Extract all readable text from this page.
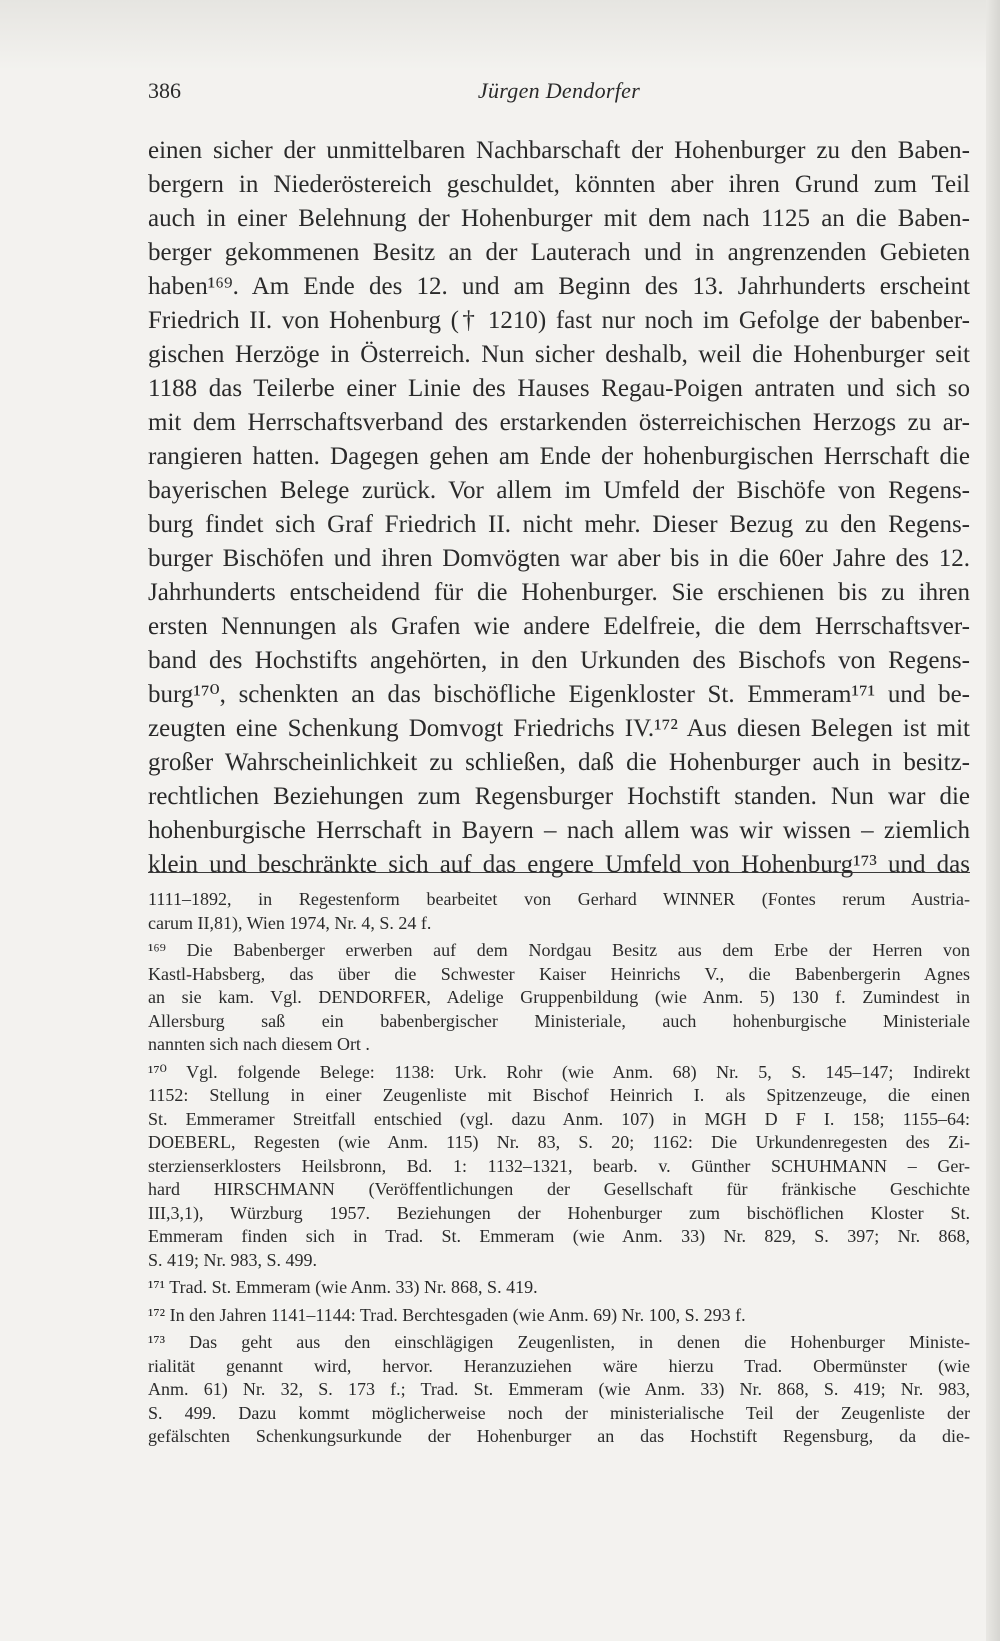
386	Jürgen Dendorfer
einen sicher der unmittelbaren Nachbarschaft der Hohenburger zu den Baben-
bergern in Niederöstereich geschuldet, könnten aber ihren Grund zum Teil
auch in einer Belehnung der Hohenburger mit dem nach 1125 an die Baben-
berger gekommenen Besitz an der Lauterach und in angrenzenden Gebieten
haben¹⁶⁹. Am Ende des 12. und am Beginn des 13. Jahrhunderts erscheint
Friedrich II. von Hohenburg († 1210) fast nur noch im Gefolge der babenber-
gischen Herzöge in Österreich. Nun sicher deshalb, weil die Hohenburger seit
1188 das Teilerbe einer Linie des Hauses Regau-Poigen antraten und sich so
mit dem Herrschaftsverband des erstarkenden österreichischen Herzogs zu ar-
rangieren hatten. Dagegen gehen am Ende der hohenburgischen Herrschaft die
bayerischen Belege zurück. Vor allem im Umfeld der Bischöfe von Regens-
burg findet sich Graf Friedrich II. nicht mehr. Dieser Bezug zu den Regens-
burger Bischöfen und ihren Domvögten war aber bis in die 60er Jahre des 12.
Jahrhunderts entscheidend für die Hohenburger. Sie erschienen bis zu ihren
ersten Nennungen als Grafen wie andere Edelfreie, die dem Herrschaftsver-
band des Hochstifts angehörten, in den Urkunden des Bischofs von Regens-
burg¹⁷⁰, schenkten an das bischöfliche Eigenkloster St. Emmeram¹⁷¹ und be-
zeugten eine Schenkung Domvogt Friedrichs IV.¹⁷² Aus diesen Belegen ist mit
großer Wahrscheinlichkeit zu schließen, daß die Hohenburger auch in besitz-
rechtlichen Beziehungen zum Regensburger Hochstift standen. Nun war die
hohenburgische Herrschaft in Bayern – nach allem was wir wissen – ziemlich
klein und beschränkte sich auf das engere Umfeld von Hohenburg¹⁷³ und das
1111–1892, in Regestenform bearbeitet von Gerhard WINNER (Fontes rerum Austria-
carum II,81), Wien 1974, Nr. 4, S. 24 f.
¹⁶⁹ Die Babenberger erwerben auf dem Nordgau Besitz aus dem Erbe der Herren von
Kastl-Habsberg, das über die Schwester Kaiser Heinrichs V., die Babenbergerin Agnes
an sie kam. Vgl. DENDORFER, Adelige Gruppenbildung (wie Anm. 5) 130 f. Zumindest in
Allersburg saß ein babenbergischer Ministeriale, auch hohenburgische Ministeriale
nannten sich nach diesem Ort .
¹⁷⁰ Vgl. folgende Belege: 1138: Urk. Rohr (wie Anm. 68) Nr. 5, S. 145–147; Indirekt
1152: Stellung in einer Zeugenliste mit Bischof Heinrich I. als Spitzenzeuge, die einen
St. Emmeramer Streitfall entschied (vgl. dazu Anm. 107) in MGH D F I. 158; 1155–64:
DOEBERL, Regesten (wie Anm. 115) Nr. 83, S. 20; 1162: Die Urkundenregesten des Zi-
sterzienserklosters Heilsbronn, Bd. 1: 1132–1321, bearb. v. Günther SCHUHMANN – Ger-
hard HIRSCHMANN (Veröffentlichungen der Gesellschaft für fränkische Geschichte
III,3,1), Würzburg 1957. Beziehungen der Hohenburger zum bischöflichen Kloster St.
Emmeram finden sich in Trad. St. Emmeram (wie Anm. 33) Nr. 829, S. 397; Nr. 868,
S. 419; Nr. 983, S. 499.
¹⁷¹ Trad. St. Emmeram (wie Anm. 33) Nr. 868, S. 419.
¹⁷² In den Jahren 1141–1144: Trad. Berchtesgaden (wie Anm. 69) Nr. 100, S. 293 f.
¹⁷³ Das geht aus den einschlägigen Zeugenlisten, in denen die Hohenburger Ministe-
rialität genannt wird, hervor. Heranzuziehen wäre hierzu Trad. Obermünster (wie
Anm. 61) Nr. 32, S. 173 f.; Trad. St. Emmeram (wie Anm. 33) Nr. 868, S. 419; Nr. 983,
S. 499. Dazu kommt möglicherweise noch der ministerialische Teil der Zeugenliste der
gefälschten Schenkungsurkunde der Hohenburger an das Hochstift Regensburg, da die-
